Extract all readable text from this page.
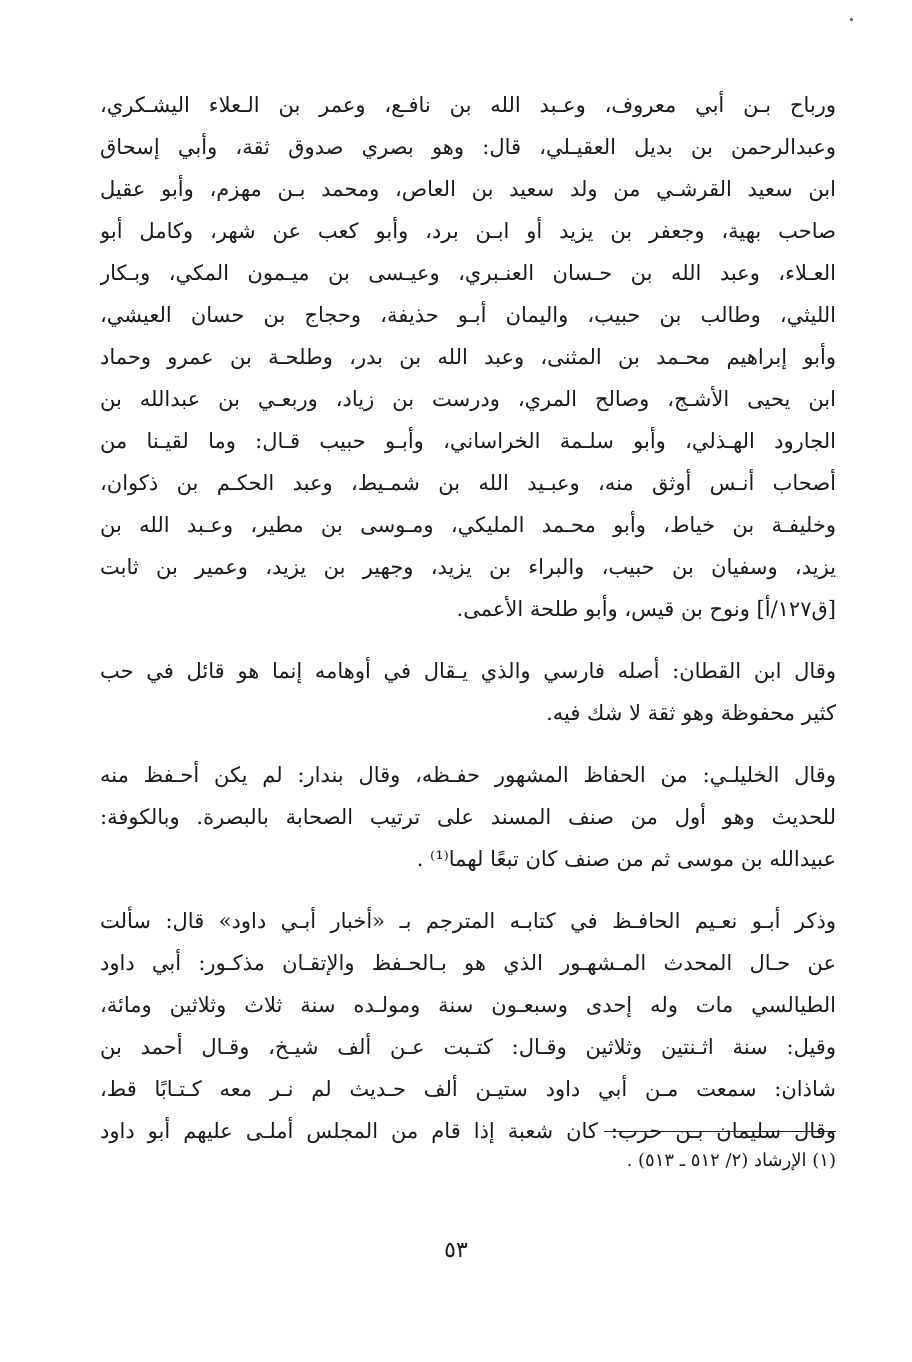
ورباح بـن أبي معروف، وعـبد الله بن نافـع، وعمر بن الـعلاء اليشـكري،
وعبدالرحمن بن بديل العقيـلي، قال: وهو بصري صدوق ثقة، وأبي إسحاق
ابن سعيد القرشـي من ولد سعيد بن العاص، ومحمد بـن مهزم، وأبو عقيل
صاحب بهية، وجعفر بن يزيد أو ابـن برد، وأبو كعب عن شهر، وكامل أبو
العـلاء، وعبد الله بن حـسان العنـبري، وعيـسى بن ميـمون المكي، وبـكار
الليثي، وطالب بن حبيب، واليمان أبـو حذيفة، وحجاج بن حسان العيشي،
وأبو إبراهيم محـمد بن المثنى، وعبد الله بن بدر، وطلحـة بن عمرو وحماد
ابن يحيى الأشـج، وصالح المري، ودرست بن زياد، وربعـي بن عبدالله بن
الجارود الهـذلي، وأبو سلـمة الخراساني، وأبـو حبيب قـال: وما لقيـنا من
أصحاب أنـس أوثق منه، وعبـيد الله بن شمـيط، وعبد الحكـم بن ذكوان،
وخليفـة بن خياط، وأبو محـمد المليكي، ومـوسى بن مطير، وعـبد الله بن
يزيد، وسفيان بن حبيب، والبراء بن يزيد، وجهير بن يزيد، وعمير بن ثابت
[ق١٢٧/أ] ونوح بن قيس، وأبو طلحة الأعمى.
وقال ابن القطان: أصله فارسي والذي يـقال في أوهامه إنما هو قائل في حب
كثير محفوظة وهو ثقة لا شك فيه.
وقال الخليلـي: من الحفاظ المشهور حفـظه، وقال بندار: لم يكن أحـفظ منه
للحديث وهو أول من صنف المسند على ترتيب الصحابة بالبصرة. وبالكوفة:
عبيدالله بن موسى ثم من صنف كان تبعًا لهما⁽¹⁾ .
وذكر أبـو نعـيم الحافـظ في كتابـه المترجم بـ «أخبار أبـي داود» قال: سألت
عن حـال المحدث المـشهـور الذي هو بـالحـفظ والإتقـان مذكـور: أبي داود
الطيالسي مات وله إحدى وسبعـون سنة ومولـده سنة ثلاث وثلاثين ومائة،
وقيل: سنة اثـنتين وثلاثين وقـال: كتـبت عـن ألف شيـخ، وقـال أحمد بن
شاذان: سمعت مـن أبي داود ستيـن ألف حـديث لم نـر معه كـتـابًا قط،
وقال سليمان بـن حرب: كان شعبة إذا قام من المجلس أملـى عليهم أبو داود
(١) الإرشاد (٢/ ٥١٢ ـ ٥١٣) .
٥٣
